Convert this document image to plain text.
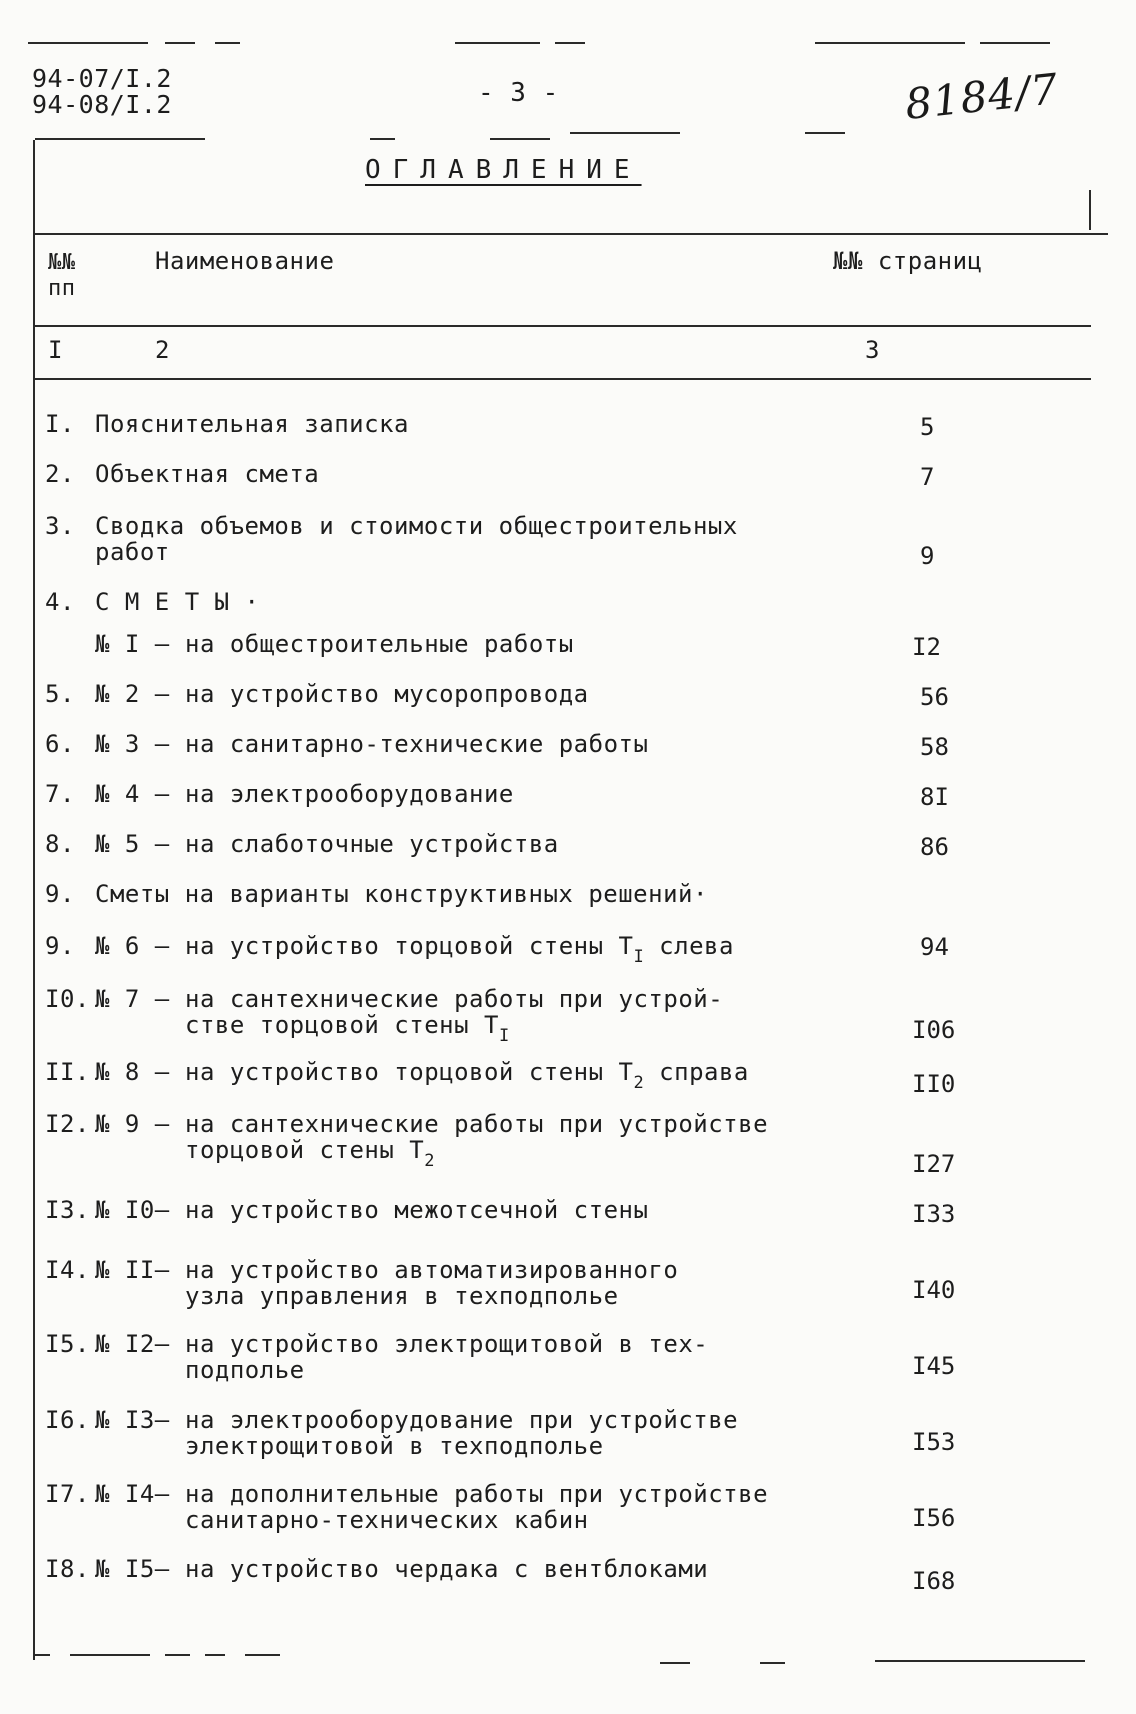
94-07/I.2
94-08/I.2	- 3 -	8184/7
ОГЛАВЛЕНИЕ
№№
пп
Наименование	№№ страниц
I	2	3
I. Пояснительная записка	5
2. Объектная смета	7
3. Сводка объемов и стоимости общестроительных
работ	9
4. С М Е Т Ы ·
№ I – на общестроительные работы	I2
5. № 2 – на устройство мусоропровода	56
6. № 3 – на санитарно-технические работы	58
7. № 4 – на электрооборудование	8I
8. № 5 – на слаботочные устройства	86
9. Сметы на варианты конструктивных решений·
9. № 6 – на устройство торцовой стены $Т_I$ слева	94
I0. № 7 – на сантехнические работы при устрой-
стве торцовой стены $Т_I$	I06
II. № 8 – на устройство торцовой стены $Т_2$ справа	II0
I2. № 9 – на сантехнические работы при устройстве
торцовой стены $Т_2$	I27
I3. № I0– на устройство межотсечной стены	I33
I4. № II– на устройство автоматизированного
узла управления в техподполье	I40
I5. № I2– на устройство электрощитовой в тех-
подполье	I45
I6. № I3– на электрооборудование при устройстве
электрощитовой в техподполье	I53
I7. № I4– на дополнительные работы при устройстве
санитарно-технических кабин	I56
I8. № I5– на устройство чердака с вентблоками	I68
